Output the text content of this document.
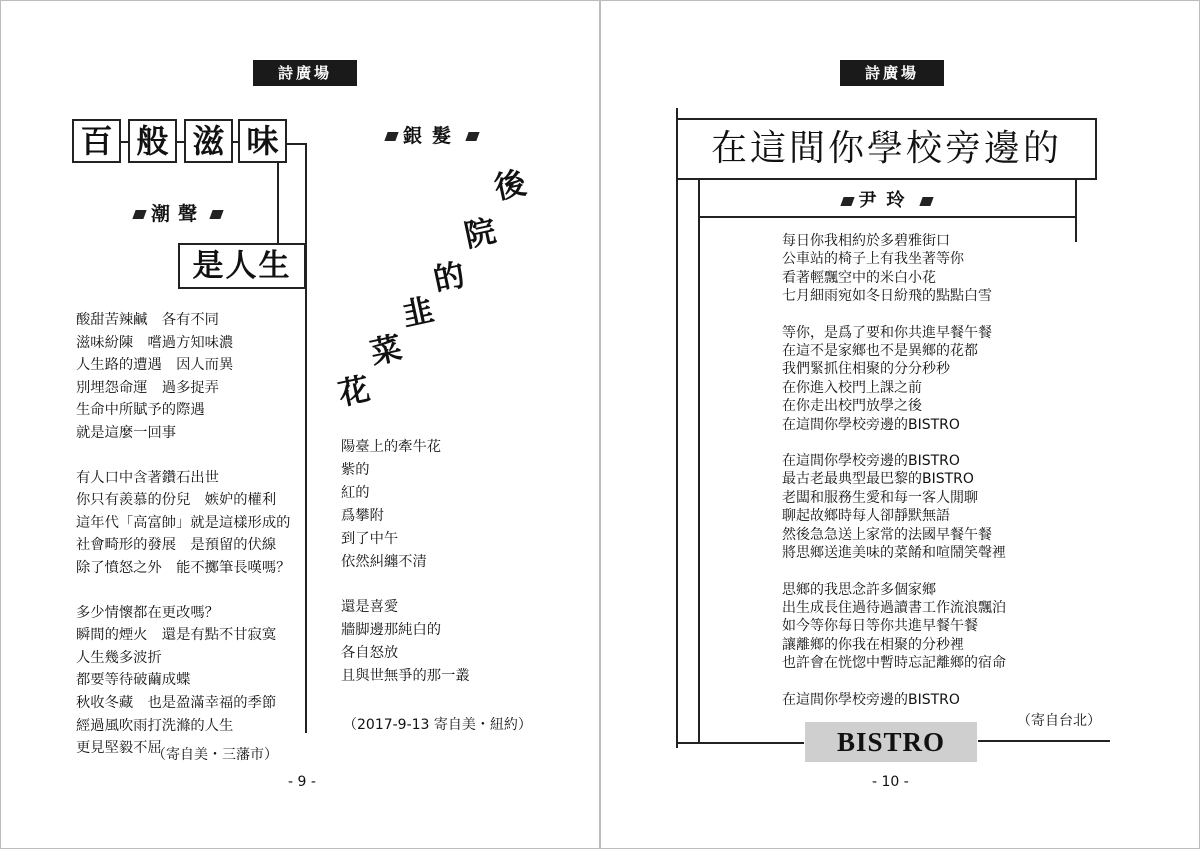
詩廣場
百 般 滋 味
潮聲
是人生
酸甜苦辣鹹　各有不同
滋味紛陳　嚐過方知味濃
人生路的遭遇　因人而異
別埋怨命運　過多捉弄
生命中所賦予的際遇
就是這麼一回事
有人口中含著鑽石出世
你只有羨慕的份兒　嫉妒的權利
這年代「高富帥」就是這樣形成的
社會畸形的發展　是預留的伏線
除了憤怒之外　能不擲筆長嘆嗎？
多少情懷都在更改嗎？
瞬間的煙火　還是有點不甘寂寞
人生幾多波折
都要等待破繭成蝶
秋收冬藏　也是盈滿幸福的季節
經過風吹雨打洗滌的人生
更見堅毅不屈
（寄自美・三藩市）
銀髮
後
院
的
韭
菜
花
陽臺上的牽牛花
紫的
紅的
爲攀附
到了中午
依然糾纏不清
還是喜愛
牆脚邊那純白的
各自怒放
且與世無爭的那一叢
（2017-9-13 寄自美・紐約）
- 9 -
詩廣場
在這間你學校旁邊的
尹玲
每日你我相約於多碧雅街口
公車站的椅子上有我坐著等你
看著輕飄空中的米白小花
七月細雨宛如冬日紛飛的點點白雪
等你，是爲了要和你共進早餐午餐
在這不是家鄉也不是異鄉的花都
我們緊抓住相聚的分分秒秒
在你進入校門上課之前
在你走出校門放學之後
在這間你學校旁邊的BISTRO
在這間你學校旁邊的BISTRO
最古老最典型最巴黎的BISTRO
老闆和服務生愛和每一客人閒聊
聊起故鄉時每人卻靜默無語
然後急急送上家常的法國早餐午餐
將思鄉送進美味的菜餚和喧鬧笑聲裡
思鄉的我思念許多個家鄉
出生成長住過待過讀書工作流浪飄泊
如今等你每日等你共進早餐午餐
讓離鄉的你我在相聚的分秒裡
也許會在恍惚中暫時忘記離鄉的宿命
在這間你學校旁邊的BISTRO
（寄自台北）
BISTRO
- 10 -
